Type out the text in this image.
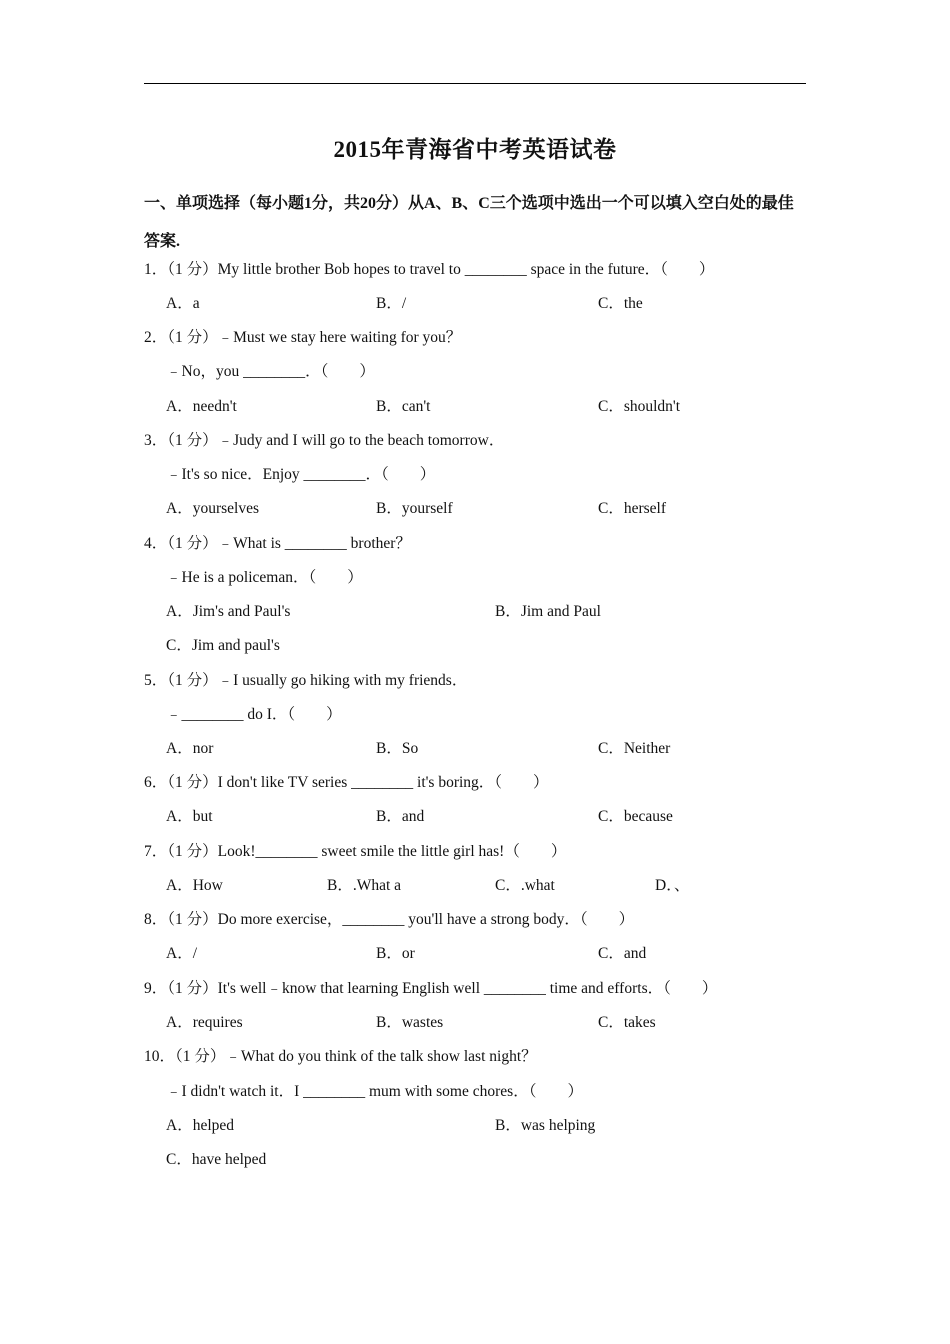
2015年青海省中考英语试卷
一、单项选择（每小题1分，共20分）从A、B、C三个选项中选出一个可以填入空白处的最佳
答案.
1．（1 分）My little brother Bob hopes to travel to ________ space in the future．（　　）
A．a	B．/	C．the
2．（1 分）﹣Must we stay here waiting for you？
﹣No，you ________．（　　）
A．needn't	B．can't	C．shouldn't
3．（1 分）﹣Judy and I will go to the beach tomorrow．
﹣It's so nice．Enjoy ________．（　　）
A．yourselves	B．yourself	C．herself
4．（1 分）﹣What is ________ brother？
﹣He is a policeman．（　　）
A．Jim's and Paul's	B．Jim and Paul
C．Jim and paul's
5．（1 分）﹣I usually go hiking with my friends．
﹣________ do I．（　　）
A．nor	B．So	C．Neither
6．（1 分）I don't like TV series ________ it's boring．（　　）
A．but	B．and	C．because
7．（1 分）Look!________ sweet smile the little girl has!（　　）
A．How	B．.What a	C．.what	D．、
8．（1 分）Do more exercise，________ you'll have a strong body．（　　）
A．/	B．or	C．and
9．（1 分）It's well﹣know that learning English well ________ time and efforts．（　　）
A．requires	B．wastes	C．takes
10．（1 分）﹣What do you think of the talk show last night？
﹣I didn't watch it．I ________ mum with some chores．（　　）
A．helped	B．was helping
C．have helped
